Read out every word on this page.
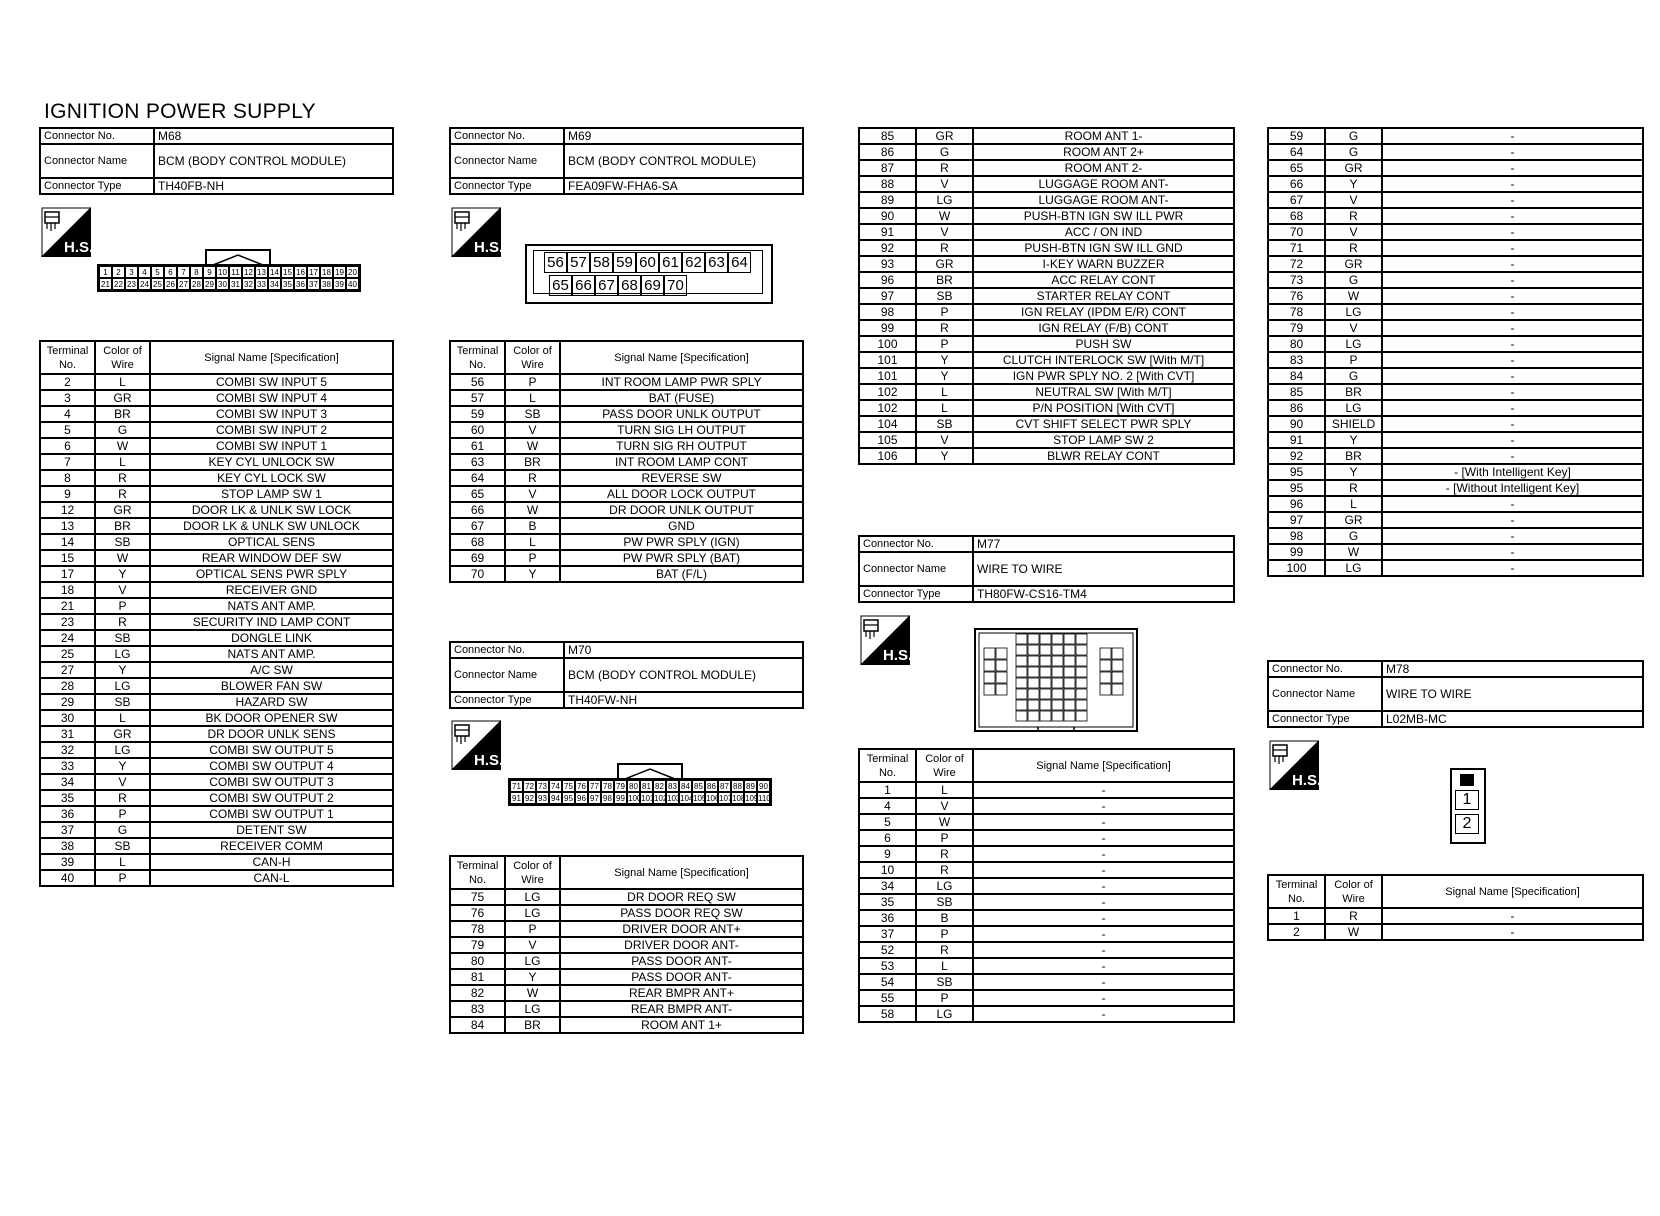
IGNITION POWER SUPPLY
Connector No.	M68
Connector Name	BCM (BODY CONTROL MODULE)
Connector Type	TH40FB-NH
H.S.
1	2	3	4	5	6	7	8	9 10 11 12 13 14 15 16 17 18 19 20
21 22 23 24 25 26 27 28 29 30 31 32 33 34 35 36 37 38 39 40
Terminal No.	Color of Wire	Signal Name [Specification]
2	L	COMBI SW INPUT 5
3	GR	COMBI SW INPUT 4
4	BR	COMBI SW INPUT 3
5	G	COMBI SW INPUT 2
6	W	COMBI SW INPUT 1
7	L	KEY CYL UNLOCK SW
8	R	KEY CYL LOCK SW
9	R	STOP LAMP SW 1
12	GR	DOOR LK & UNLK SW LOCK
13	BR	DOOR LK & UNLK SW UNLOCK
14	SB	OPTICAL SENS
15	W	REAR WINDOW DEF SW
17	Y	OPTICAL SENS PWR SPLY
18	V	RECEIVER GND
21	P	NATS ANT AMP.
23	R	SECURITY IND LAMP CONT
24	SB	DONGLE LINK
25	LG	NATS ANT AMP.
27	Y	A/C SW
28	LG	BLOWER FAN SW
29	SB	HAZARD SW
30	L	BK DOOR OPENER SW
31	GR	DR DOOR UNLK SENS
32	LG	COMBI SW OUTPUT 5
33	Y	COMBI SW OUTPUT 4
34	V	COMBI SW OUTPUT 3
35	R	COMBI SW OUTPUT 2
36	P	COMBI SW OUTPUT 1
37	G	DETENT SW
38	SB	RECEIVER COMM
39	L	CAN-H
40	P	CAN-L
Connector No.	M69
Connector Name	BCM (BODY CONTROL MODULE)
Connector Type	FEA09FW-FHA6-SA
H.S.
56 57 58 59 60 61 62 63 64
65 66 67 68 69 70
Terminal No.	Color of Wire	Signal Name [Specification]
56	P	INT ROOM LAMP PWR SPLY
57	L	BAT (FUSE)
59	SB	PASS DOOR UNLK OUTPUT
60	V	TURN SIG LH OUTPUT
61	W	TURN SIG RH OUTPUT
63	BR	INT ROOM LAMP CONT
64	R	REVERSE SW
65	V	ALL DOOR LOCK OUTPUT
66	W	DR DOOR UNLK OUTPUT
67	B	GND
68	L	PW PWR SPLY (IGN)
69	P	PW PWR SPLY (BAT)
70	Y	BAT (F/L)
Connector No.	M70
Connector Name	BCM (BODY CONTROL MODULE)
Connector Type	TH40FW-NH
H.S.
71 72 73 74 75 76 77 78 79 80 81 82 83 84 85 86 87 88 89 90
91 92 93 94 95 96 97 98 99 100 101 102 103 104 105 106 107 108 109 110
Terminal No.	Color of Wire	Signal Name [Specification]
75	LG	DR DOOR REQ SW
76	LG	PASS DOOR REQ SW
78	P	DRIVER DOOR ANT+
79	V	DRIVER DOOR ANT-
80	LG	PASS DOOR ANT-
81	Y	PASS DOOR ANT-
82	W	REAR BMPR ANT+
83	LG	REAR BMPR ANT-
84	BR	ROOM ANT 1+
85	GR	ROOM ANT 1-
86	G	ROOM ANT 2+
87	R	ROOM ANT 2-
88	V	LUGGAGE ROOM ANT-
89	LG	LUGGAGE ROOM ANT-
90	W	PUSH-BTN IGN SW ILL PWR
91	V	ACC / ON IND
92	R	PUSH-BTN IGN SW ILL GND
93	GR	I-KEY WARN BUZZER
96	BR	ACC RELAY CONT
97	SB	STARTER RELAY CONT
98	P	IGN RELAY (IPDM E/R) CONT
99	R	IGN RELAY (F/B) CONT
100	P	PUSH SW
101	Y	CLUTCH INTERLOCK SW [With M/T]
101	Y	IGN PWR SPLY NO. 2 [With CVT]
102	L	NEUTRAL SW [With M/T]
102	L	P/N POSITION [With CVT]
104	SB	CVT SHIFT SELECT PWR SPLY
105	V	STOP LAMP SW 2
106	Y	BLWR RELAY CONT
Connector No.	M77
Connector Name	WIRE TO WIRE
Connector Type	TH80FW-CS16-TM4
H.S.
Terminal No.	Color of Wire	Signal Name [Specification]
1	L	-
4	V	-
5	W	-
6	P	-
9	R	-
10	R	-
34	LG	-
35	SB	-
36	B	-
37	P	-
52	R	-
53	L	-
54	SB	-
55	P	-
58	LG	-
59	G	-
64	G	-
65	GR	-
66	Y	-
67	V	-
68	R	-
70	V	-
71	R	-
72	GR	-
73	G	-
76	W	-
78	LG	-
79	V	-
80	LG	-
83	P	-
84	G	-
85	BR	-
86	LG	-
90	SHIELD	-
91	Y	-
92	BR	-
95	Y	- [With Intelligent Key]
95	R	- [Without Intelligent Key]
96	L	-
97	GR	-
98	G	-
99	W	-
100	LG	-
Connector No.	M78
Connector Name	WIRE TO WIRE
Connector Type	L02MB-MC
H.S.
1
2
Terminal No.	Color of Wire	Signal Name [Specification]
1	R	-
2	W	-
